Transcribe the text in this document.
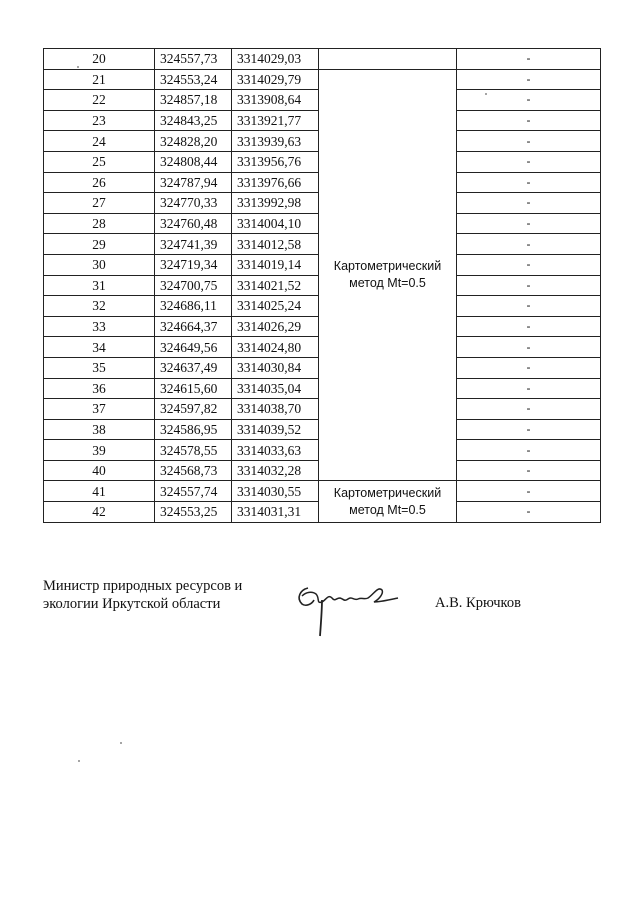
20	324557,73	3314029,03		-
21	324553,24	3314029,79	Картометрический метод Mt=0.5	-
22	324857,18	3313908,64		-
23	324843,25	3313921,77		-
24	324828,20	3313939,63		-
25	324808,44	3313956,76		-
26	324787,94	3313976,66		-
27	324770,33	3313992,98		-
28	324760,48	3314004,10		-
29	324741,39	3314012,58		-
30	324719,34	3314019,14		-
31	324700,75	3314021,52		-
32	324686,11	3314025,24		-
33	324664,37	3314026,29		-
34	324649,56	3314024,80		-
35	324637,49	3314030,84		-
36	324615,60	3314035,04		-
37	324597,82	3314038,70		-
38	324586,95	3314039,52		-
39	324578,55	3314033,63		-
40	324568,73	3314032,28		-
41	324557,74	3314030,55	Картометрический метод Mt=0.5	-
42	324553,25	3314031,31		-
Министр природных ресурсов и
экологии Иркутской области	А.В. Крючков
